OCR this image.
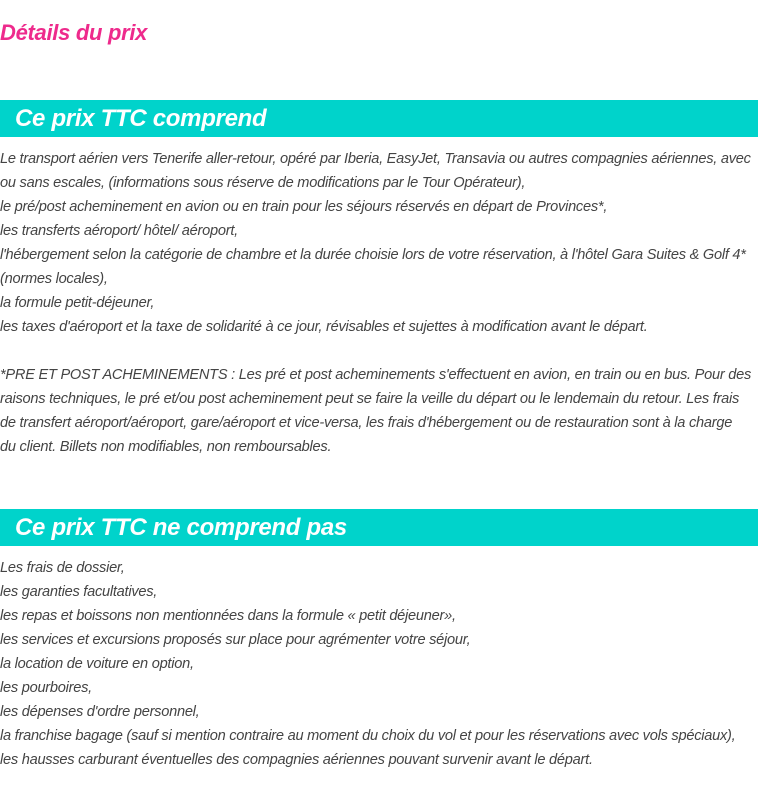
Détails du prix
Ce prix TTC comprend
Le transport aérien vers Tenerife aller-retour, opéré par Iberia, EasyJet, Transavia ou autres compagnies aériennes, avec
ou sans escales, (informations sous réserve de modifications par le Tour Opérateur),
le pré/post acheminement en avion ou en train pour les séjours réservés en départ de Provinces*,
les transferts aéroport/ hôtel/ aéroport,
l'hébergement selon la catégorie de chambre et la durée choisie lors de votre réservation, à l'hôtel Gara Suites & Golf 4*
(normes locales),
la formule petit-déjeuner,
les taxes d'aéroport et la taxe de solidarité à ce jour, révisables et sujettes à modification avant le départ.
*PRE ET POST ACHEMINEMENTS : Les pré et post acheminements s'effectuent en avion, en train ou en bus. Pour des
raisons techniques, le pré et/ou post acheminement peut se faire la veille du départ ou le lendemain du retour. Les frais
de transfert aéroport/aéroport, gare/aéroport et vice-versa, les frais d'hébergement ou de restauration sont à la charge
du client. Billets non modifiables, non remboursables.
Ce prix TTC ne comprend pas
Les frais de dossier,
les garanties facultatives,
les repas et boissons non mentionnées dans la formule « petit déjeuner»,
les services et excursions proposés sur place pour agrémenter votre séjour,
la location de voiture en option,
les pourboires,
les dépenses d'ordre personnel,
la franchise bagage (sauf si mention contraire au moment du choix du vol et pour les réservations avec vols spéciaux),
les hausses carburant éventuelles des compagnies aériennes pouvant survenir avant le départ.
